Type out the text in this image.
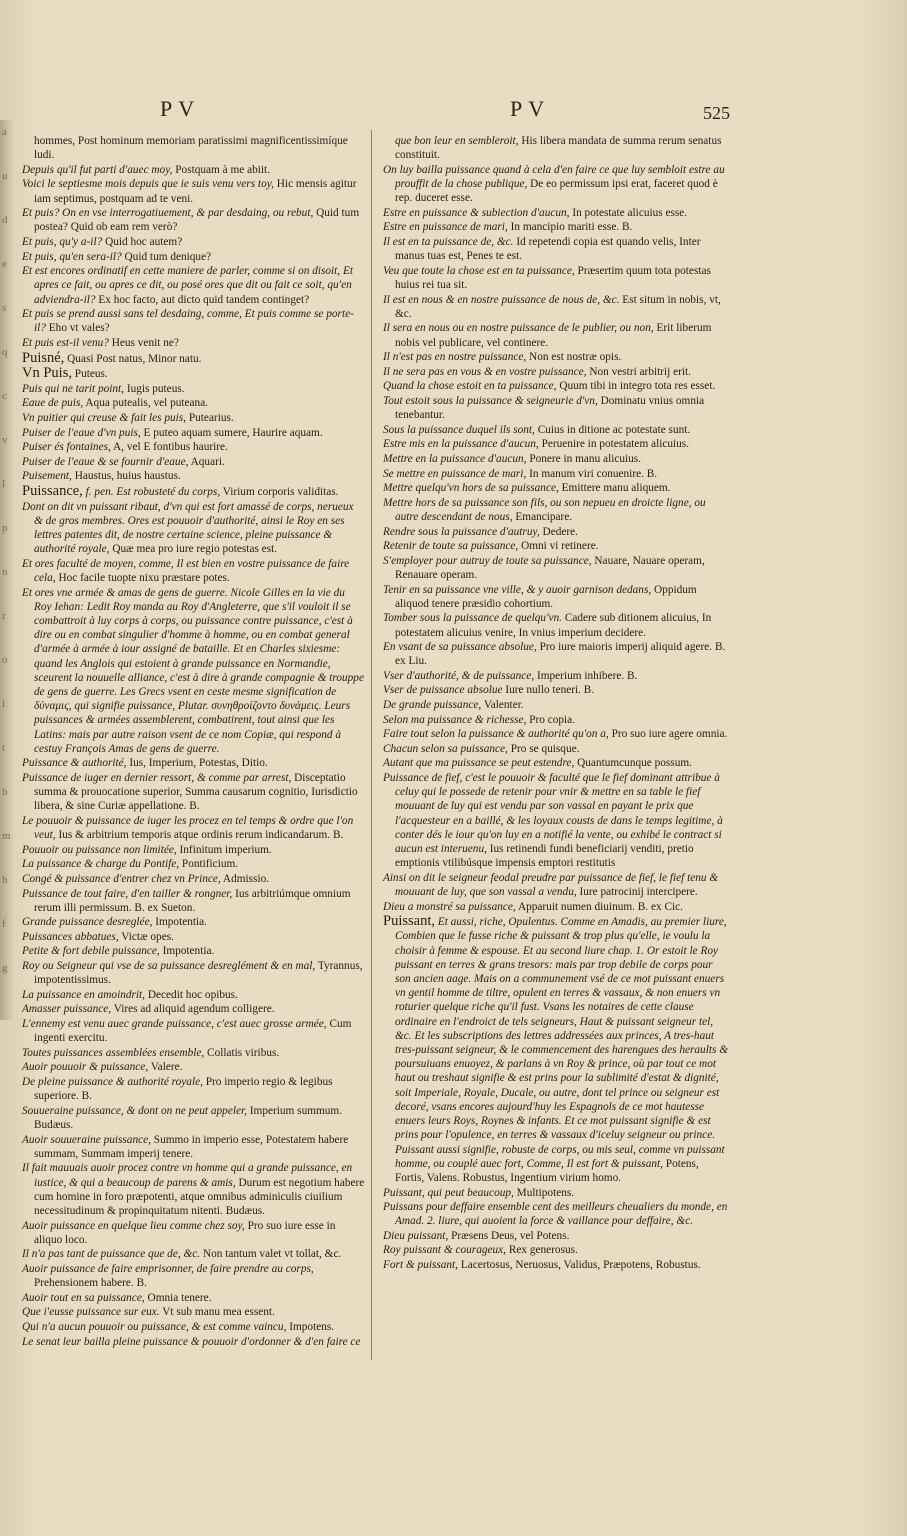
a
u
d
e
s
q
c
v
l
p
n
r
o
i
t
b
m
h
f
g
PV	PV	525
hommes, Post hominum memoriam paratissimi magnificentissimíque ludi.
Depuis qu'il fut parti d'auec moy, Postquam à me abiit.
Voici le septiesme mois depuis que ie suis venu vers toy, Hic mensis agitur iam septimus, postquam ad te veni.
Et puis? On en vse interrogatiuement, & par desdaing, ou rebut, Quid tum postea? Quid ob eam rem verò?
Et puis, qu'y a-il? Quid hoc autem?
Et puis, qu'en sera-il? Quid tum denique?
Et est encores ordinatif en cette maniere de parler, comme si on disoit, Et apres ce fait, ou apres ce dit, ou posé ores que dit ou fait ce soit, qu'en adviendra-il? Ex hoc facto, aut dicto quid tandem continget?
Et puis se prend aussi sans tel desdaing, comme, Et puis comme se porte-il? Eho vt vales?
Et puis est-il venu? Heus venit ne?
Puisné, Quasi Post natus, Minor natu.
Vn Puis, Puteus.
Puis qui ne tarit point, Iugis puteus.
Eaue de puis, Aqua putealis, vel puteana.
Vn puitier qui creuse & fait les puis, Putearius.
Puiser de l'eaue d'vn puis, E puteo aquam sumere, Haurire aquam.
Puiser és fontaines, A, vel E fontibus haurire.
Puiser de l'eaue & se fournir d'eaue, Aquari.
Puisement, Haustus, huius haustus.
Puissance, f. pen. Est robusteté du corps, Virium corporis validitas.
Dont on dit vn puissant ribaut, d'vn qui est fort amassé de corps, nerueux & de gros membres. Ores est pouuoir d'authorité, ainsi le Roy en ses lettres patentes dit, de nostre certaine science, pleine puissance & authorité royale, Quæ mea pro iure regio potestas est.
Et ores faculté de moyen, comme, Il est bien en vostre puissance de faire cela, Hoc facile tuopte nixu præstare potes.
Et ores vne armée & amas de gens de guerre. Nicole Gilles en la vie du Roy Iehan: Ledit Roy manda au Roy d'Angleterre, que s'il vouloit il se combattroit à luy corps à corps, ou puissance contre puissance, c'est à dire ou en combat singulier d'homme à homme, ou en combat general d'armée à armée à iour assigné de bataille. Et en Charles sixiesme: quand les Anglois qui estoient à grande puissance en Normandie, sceurent la nouuelle alliance, c'est à dire à grande compagnie & trouppe de gens de guerre. Les Grecs vsent en ceste mesme signification de δύναμις, qui signifie puissance, Plutar. συνηθροίζοντο δυνάμεις. Leurs puissances & armées assemblerent, combatirent, tout ainsi que les Latins: mais par autre raison vsent de ce nom Copiæ, qui respond à cestuy François Amas de gens de guerre.
Puissance & authorité, Ius, Imperium, Potestas, Ditio.
Puissance de iuger en dernier ressort, & comme par arrest, Disceptatio summa & prouocatione superior, Summa causarum cognitio, Iurisdictio libera, & sine Curiæ appellatione. B.
Le pouuoir & puissance de iuger les procez en tel temps & ordre que l'on veut, Ius & arbitrium temporis atque ordinis rerum indicandarum. B.
Pouuoir ou puissance non limitée, Infinitum imperium.
La puissance & charge du Pontife, Pontificium.
Congé & puissance d'entrer chez vn Prince, Admissio.
Puissance de tout faire, d'en tailler & rongner, Ius arbitriúmque omnium rerum illi permissum. B. ex Sueton.
Grande puissance desreglée, Impotentia.
Puissances abbatues, Victæ opes.
Petite & fort debile puissance, Impotentia.
Roy ou Seigneur qui vse de sa puissance desreglément & en mal, Tyrannus, impotentissimus.
La puissance en amoindrit, Decedit hoc opibus.
Amasser puissance, Vires ad aliquid agendum colligere.
L'ennemy est venu auec grande puissance, c'est auec grosse armée, Cum ingenti exercitu.
Toutes puissances assemblées ensemble, Collatis viribus.
Auoir pouuoir & puissance, Valere.
De pleine puissance & authorité royale, Pro imperio regio & legibus superiore. B.
Souueraine puissance, & dont on ne peut appeler, Imperium summum. Budæus.
Auoir souueraine puissance, Summo in imperio esse, Potestatem habere summam, Summam imperij tenere.
Il fait mauuais auoir procez contre vn homme qui a grande puissance, en iustice, & qui a beaucoup de parens & amis, Durum est negotium habere cum homine in foro præpotenti, atque omnibus adminiculis ciuilium necessitudinum & propinquitatum nitenti. Budæus.
Auoir puissance en quelque lieu comme chez soy, Pro suo iure esse in aliquo loco.
Il n'a pas tant de puissance que de, &c. Non tantum valet vt tollat, &c.
Auoir puissance de faire emprisonner, de faire prendre au corps, Prehensionem habere. B.
Auoir tout en sa puissance, Omnia tenere.
Que i'eusse puissance sur eux. Vt sub manu mea essent.
Qui n'a aucun pouuoir ou puissance, & est comme vaincu, Impotens.
Le senat leur bailla pleine puissance & pouuoir d'ordonner & d'en faire ce
que bon leur en sembleroit, His libera mandata de summa rerum senatus constituit.
On luy bailla puissance quand à cela d'en faire ce que luy sembloit estre au prouffit de la chose publique, De eo permissum ipsi erat, faceret quod è rep. duceret esse.
Estre en puissance & subiection d'aucun, In potestate alicuius esse.
Estre en puissance de mari, In mancipio mariti esse. B.
Il est en ta puissance de, &c. Id repetendi copia est quando velis, Inter manus tuas est, Penes te est.
Veu que toute la chose est en ta puissance, Præsertim quum tota potestas huius rei tua sit.
Il est en nous & en nostre puissance de nous de, &c. Est situm in nobis, vt, &c.
Il sera en nous ou en nostre puissance de le publier, ou non, Erit liberum nobis vel publicare, vel continere.
Il n'est pas en nostre puissance, Non est nostræ opis.
Il ne sera pas en vous & en vostre puissance, Non vestri arbitrij erit.
Quand la chose estoit en ta puissance, Quum tibi in integro tota res esset.
Tout estoit sous la puissance & seigneurie d'vn, Dominatu vnius omnia tenebantur.
Sous la puissance duquel ils sont, Cuius in ditione ac potestate sunt.
Estre mis en la puissance d'aucun, Peruenire in potestatem alicuius.
Mettre en la puissance d'aucun, Ponere in manu alicuius.
Se mettre en puissance de mari, In manum viri conuenire. B.
Mettre quelqu'vn hors de sa puissance, Emittere manu aliquem.
Mettre hors de sa puissance son fils, ou son nepueu en droicte ligne, ou autre descendant de nous, Emancipare.
Rendre sous la puissance d'autruy, Dedere.
Retenir de toute sa puissance, Omni vi retinere.
S'employer pour autruy de toute sa puissance, Nauare, Nauare operam, Renauare operam.
Tenir en sa puissance vne ville, & y auoir garnison dedans, Oppidum aliquod tenere præsidio cohortium.
Tomber sous la puissance de quelqu'vn. Cadere sub ditionem alicuius, In potestatem alicuius venire, In vnius imperium decidere.
En vsant de sa puissance absolue, Pro iure maioris imperij aliquid agere. B. ex Liu.
Vser d'authorité, & de puissance, Imperium inhibere. B.
Vser de puissance absolue Iure nullo teneri. B.
De grande puissance, Valenter.
Selon ma puissance & richesse, Pro copia.
Faire tout selon la puissance & authorité qu'on a, Pro suo iure agere omnia.
Chacun selon sa puissance, Pro se quisque.
Autant que ma puissance se peut estendre, Quantumcunque possum.
Puissance de fief, c'est le pouuoir & faculté que le fief dominant attribue à celuy qui le possede de retenir pour vnir & mettre en sa table le fief mouuant de luy qui est vendu par son vassal en payant le prix que l'acquesteur en a baillé, & les loyaux cousts de dans le temps legitime, à conter dés le iour qu'on luy en a notifié la vente, ou exhibé le contract si aucun est interuenu, Ius retinendi fundi beneficiarij venditi, pretio emptionis vtilibúsque impensis emptori restitutis
Ainsi on dit le seigneur feodal preudre par puissance de fief, le fief tenu & mouuant de luy, que son vassal a vendu, Iure patrocinij intercipere.
Dieu a monstré sa puissance, Apparuit numen diuinum. B. ex Cic.
Puissant, Et aussi, riche, Opulentus. Comme en Amadis, au premier liure, Combien que le fusse riche & puissant & trop plus qu'elle, ie voulu la choisir à femme & espouse. Et au second liure chap. 1. Or estoit le Roy puissant en terres & grans tresors: mais par trop debile de corps pour son ancien aage. Mais on a communement vsé de ce mot puissant enuers vn gentil homme de tiltre, opulent en terres & vassaux, & non enuers vn roturier quelque riche qu'il fust. Vsans les notaires de cette clause ordinaire en l'endroict de tels seigneurs, Haut & puissant seigneur tel, &c. Et les subscriptions des lettres addressées aux princes, A tres-haut tres-puissant seigneur, & le commencement des harengues des heraults & poursuiuans enuoyez, & parlans à vn Roy & prince, où par tout ce mot haut ou treshaut signifie & est prins pour la sublimité d'estat & dignité, soit Imperiale, Royale, Ducale, ou autre, dont tel prince ou seigneur est decoré, vsans encores aujourd'huy les Espagnols de ce mot hautesse enuers leurs Roys, Roynes & infants. Et ce mot puissant signifie & est prins pour l'opulence, en terres & vassaux d'iceluy seigneur ou prince. Puissant aussi signifie, robuste de corps, ou mis seul, comme vn puissant homme, ou couplé auec fort, Comme, Il est fort & puissant, Potens, Fortis, Valens. Robustus, Ingentium virium homo.
Puissant, qui peut beaucoup, Multipotens.
Puissans pour deffaire ensemble cent des meilleurs cheualiers du monde, en Amad. 2. liure, qui auoient la force & vaillance pour deffaire, &c.
Dieu puissant, Præsens Deus, vel Potens.
Roy puissant & courageux, Rex generosus.
Fort & puissant, Lacertosus, Neruosus, Validus, Præpotens, Robustus.
